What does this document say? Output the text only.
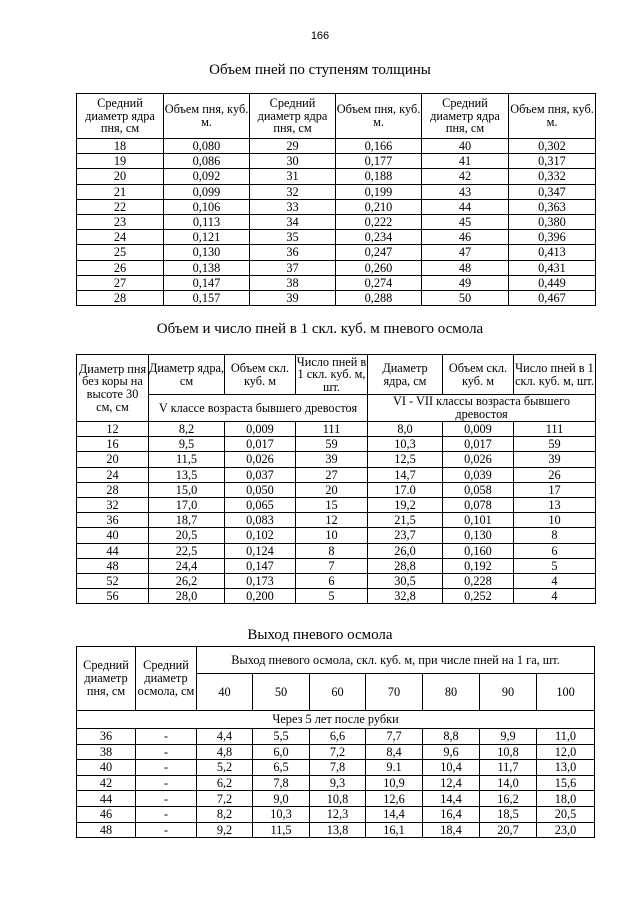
166
Объем пней по ступеням толщины
Средний диаметр ядра пня, см	Объем пня, куб. м.	Средний диаметр ядра пня, см	Объем пня, куб. м.	Средний диаметр ядра пня, см	Объем пня, куб. м.
18	0,080	29	0,166	40	0,302
19	0,086	30	0,177	41	0,317
20	0,092	31	0,188	42	0,332
21	0,099	32	0,199	43	0,347
22	0,106	33	0,210	44	0,363
23	0,113	34	0,222	45	0,380
24	0,121	35	0,234	46	0,396
25	0,130	36	0,247	47	0,413
26	0,138	37	0,260	48	0,431
27	0,147	38	0,274	49	0,449
28	0,157	39	0,288	50	0,467
Объем и число пней в 1 скл. куб. м пневого осмола
Диаметр пня без коры на высоте 30 см, см	Диаметр ядра, см	Объем скл. куб. м	Число пней в 1 скл. куб. м, шт.	Диаметр ядра, см	Объем скл. куб. м	Число пней в 1 скл. куб. м, шт.
	V классе возраста бывшего древостоя			VI - VII классы возраста бывшего древостоя		
12	8,2	0,009	111	8,0	0,009	111
16	9,5	0,017	59	10,3	0,017	59
20	11,5	0,026	39	12,5	0,026	39
24	13,5	0,037	27	14,7	0,039	26
28	15,0	0,050	20	17.0	0,058	17
32	17,0	0,065	15	19,2	0,078	13
36	18,7	0,083	12	21,5	0,101	10
40	20,5	0,102	10	23,7	0,130	8
44	22,5	0,124	8	26,0	0,160	6
48	24,4	0,147	7	28,8	0,192	5
52	26,2	0,173	6	30,5	0,228	4
56	28,0	0,200	5	32,8	0,252	4
Выход пневого осмола
Средний диаметр пня, см	Средний диаметр осмола, см	Выход пневого осмола, скл. куб. м, при числе пней на 1 га, шт.						
		40	50	60	70	80	90	100
Через 5 лет после рубки								
36	-	4,4	5,5	6,6	7,7	8,8	9,9	11,0
38	-	4,8	6,0	7,2	8,4	9,6	10,8	12,0
40	-	5,2	6,5	7,8	9.1	10,4	11,7	13,0
42	-	6,2	7,8	9,3	10,9	12,4	14,0	15,6
44	-	7,2	9,0	10,8	12,6	14,4	16,2	18,0
46	-	8,2	10,3	12,3	14,4	16,4	18,5	20,5
48	-	9,2	11,5	13,8	16,1	18,4	20,7	23,0
